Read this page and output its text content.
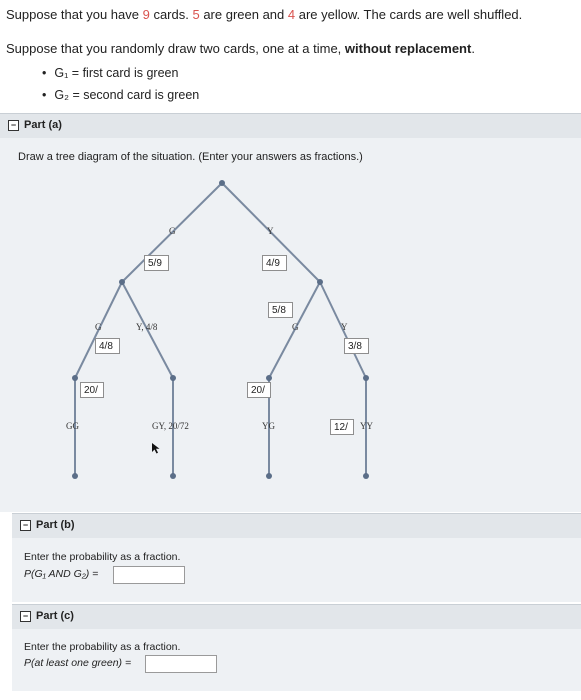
Suppose that you have 9 cards. 5 are green and 4 are yellow. The cards are well shuffled.
Suppose that you randomly draw two cards, one at a time, without replacement.
• G₁ = first card is green
• G₂ = second card is green
− Part (a)
Draw a tree diagram of the situation. (Enter your answers as fractions.)
G	Y
5/9	4/9
G	Y, 4/8	G	Y
4/8
5/8
3/8
20/	20/
12/
GG	GY, 20/72	YG	YY
− Part (b)
Enter the probability as a fraction.
P(G₁ AND G₂) =
− Part (c)
Enter the probability as a fraction.
P(at least one green) =
